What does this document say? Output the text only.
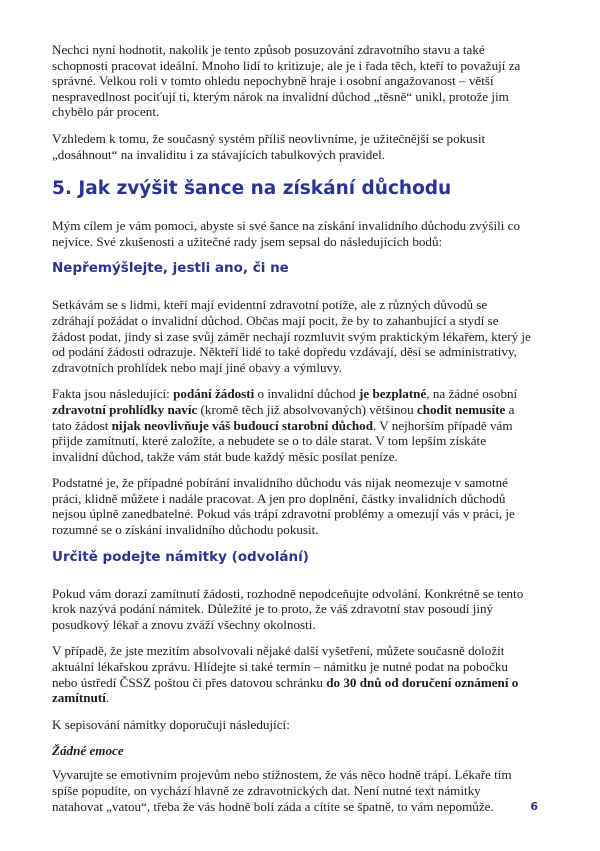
Nechci nyní hodnotit, nakolik je tento způsob posuzování zdravotního stavu a také schopnosti pracovat ideální. Mnoho lidí to kritizuje, ale je i řada těch, kteří to považují za správné. Velkou roli v tomto ohledu nepochybně hraje i osobní angažovanost – větší nespravedlnost pociťují ti, kterým nárok na invalidní důchod „těsně“ unikl, protože jim chybělo pár procent.

Vzhledem k tomu, že současný systém příliš neovlivníme, je užitečnější se pokusit „dosáhnout“ na invaliditu i za stávajících tabulkových pravidel.

5. Jak zvýšit šance na získání důchodu

Mým cílem je vám pomoci, abyste si své šance na získání invalidního důchodu zvýšili co nejvíce. Své zkušenosti a užitečné rady jsem sepsal do následujících bodů:

Nepřemýšlejte, jestli ano, či ne

Setkávám se s lidmi, kteří mají evidentní zdravotní potíže, ale z různých důvodů se zdráhají požádat o invalidní důchod. Občas mají pocit, že by to zahanbující a stydí se žádost podat, jindy si zase svůj záměr nechají rozmluvit svým praktickým lékařem, který je od podání žádosti odrazuje. Někteří lidé to také dopředu vzdávají, děsí se administrativy, zdravotních prohlídek nebo mají jiné obavy a výmluvy.

Fakta jsou následující: podání žádosti o invalidní důchod je bezplatné, na žádné osobní zdravotní prohlídky navíc (kromě těch již absolvovaných) většinou chodit nemusíte a tato žádost nijak neovlivňuje váš budoucí starobní důchod. V nejhorším případě vám přijde zamítnutí, které založíte, a nebudete se o to dále starat. V tom lepším získáte invalidní důchod, takže vám stát bude každý měsíc posílat peníze.

Podstatné je, že případné pobírání invalidního důchodu vás nijak neomezuje v samotné práci, klidně můžete i nadále pracovat. A jen pro doplnění, částky invalidních důchodů nejsou úplně zanedbatelné. Pokud vás trápí zdravotní problémy a omezují vás v práci, je rozumné se o získání invalidního důchodu pokusit.

Určitě podejte námitky (odvolání)

Pokud vám dorazí zamítnutí žádosti, rozhodně nepodceňujte odvolání. Konkrétně se tento krok nazývá podání námitek. Důležité je to proto, že váš zdravotní stav posoudí jiný posudkový lékař a znovu zváží všechny okolnosti.

V případě, že jste mezitím absolvovali nějaké další vyšetření, můžete současně doložit aktuální lékařskou zprávu. Hlídejte si také termín – námitku je nutné podat na pobočku nebo ústředí ČSSZ poštou či přes datovou schránku do 30 dnů od doručení oznámení o zamítnutí.

K sepisování námitky doporučuji následující:

Žádné emoce

Vyvarujte se emotivním projevům nebo stížnostem, že vás něco hodně trápí. Lékaře tím spíše popudíte, on vychází hlavně ze zdravotnických dat. Není nutné text námitky natahovat „vatou“, třeba že vás hodně bolí záda a cítíte se špatně, to vám nepomůže.	6
